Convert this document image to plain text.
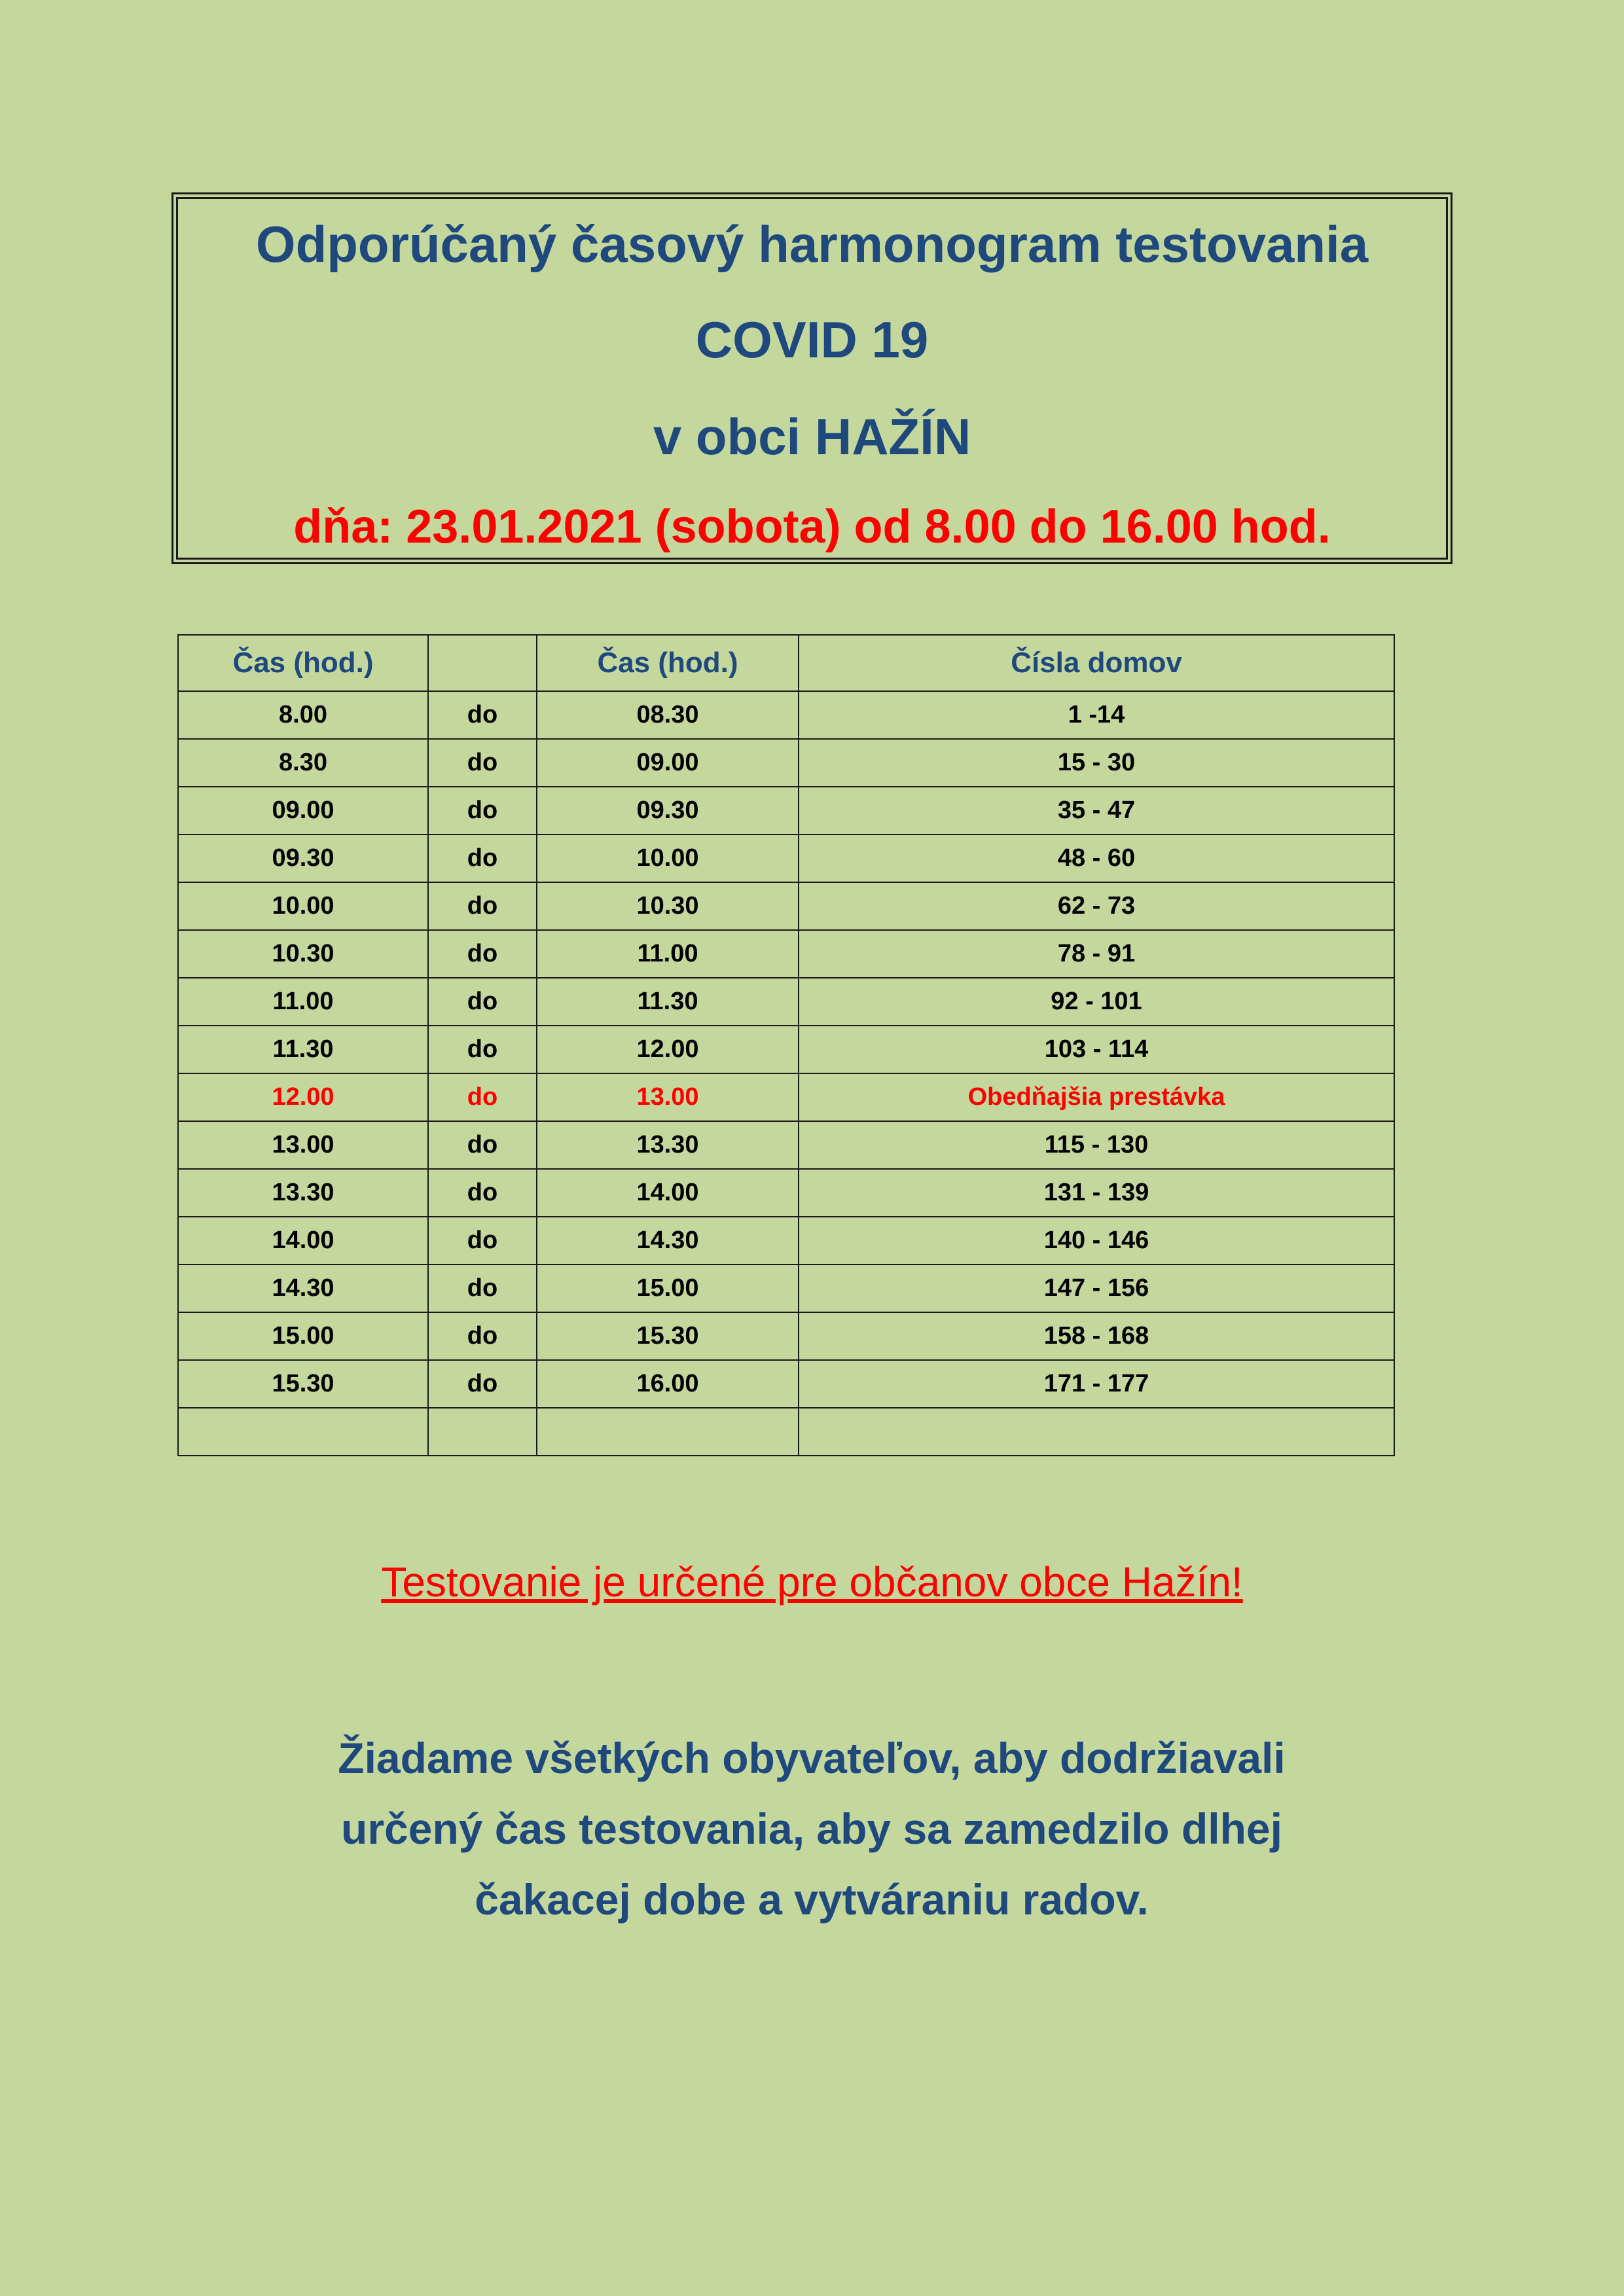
Odporúčaný časový harmonogram testovania
COVID 19
v obci HAŽÍN
dňa: 23.01.2021 (sobota) od 8.00 do 16.00 hod.
Čas (hod.)		Čas (hod.)	Čísla domov
8.00	do	08.30	1 -14
8.30	do	09.00	15 - 30
09.00	do	09.30	35 - 47
09.30	do	10.00	48 - 60
10.00	do	10.30	62 - 73
10.30	do	11.00	78 - 91
11.00	do	11.30	92 - 101
11.30	do	12.00	103 - 114
12.00	do	13.00	Obedňajšia prestávka
13.00	do	13.30	115 - 130
13.30	do	14.00	131 - 139
14.00	do	14.30	140 - 146
14.30	do	15.00	147 - 156
15.00	do	15.30	158 - 168
15.30	do	16.00	171 - 177

Testovanie je určené pre občanov obce Hažín!
Žiadame všetkých obyvateľov, aby dodržiavali
určený čas testovania, aby sa zamedzilo dlhej
čakacej dobe a vytváraniu radov.
